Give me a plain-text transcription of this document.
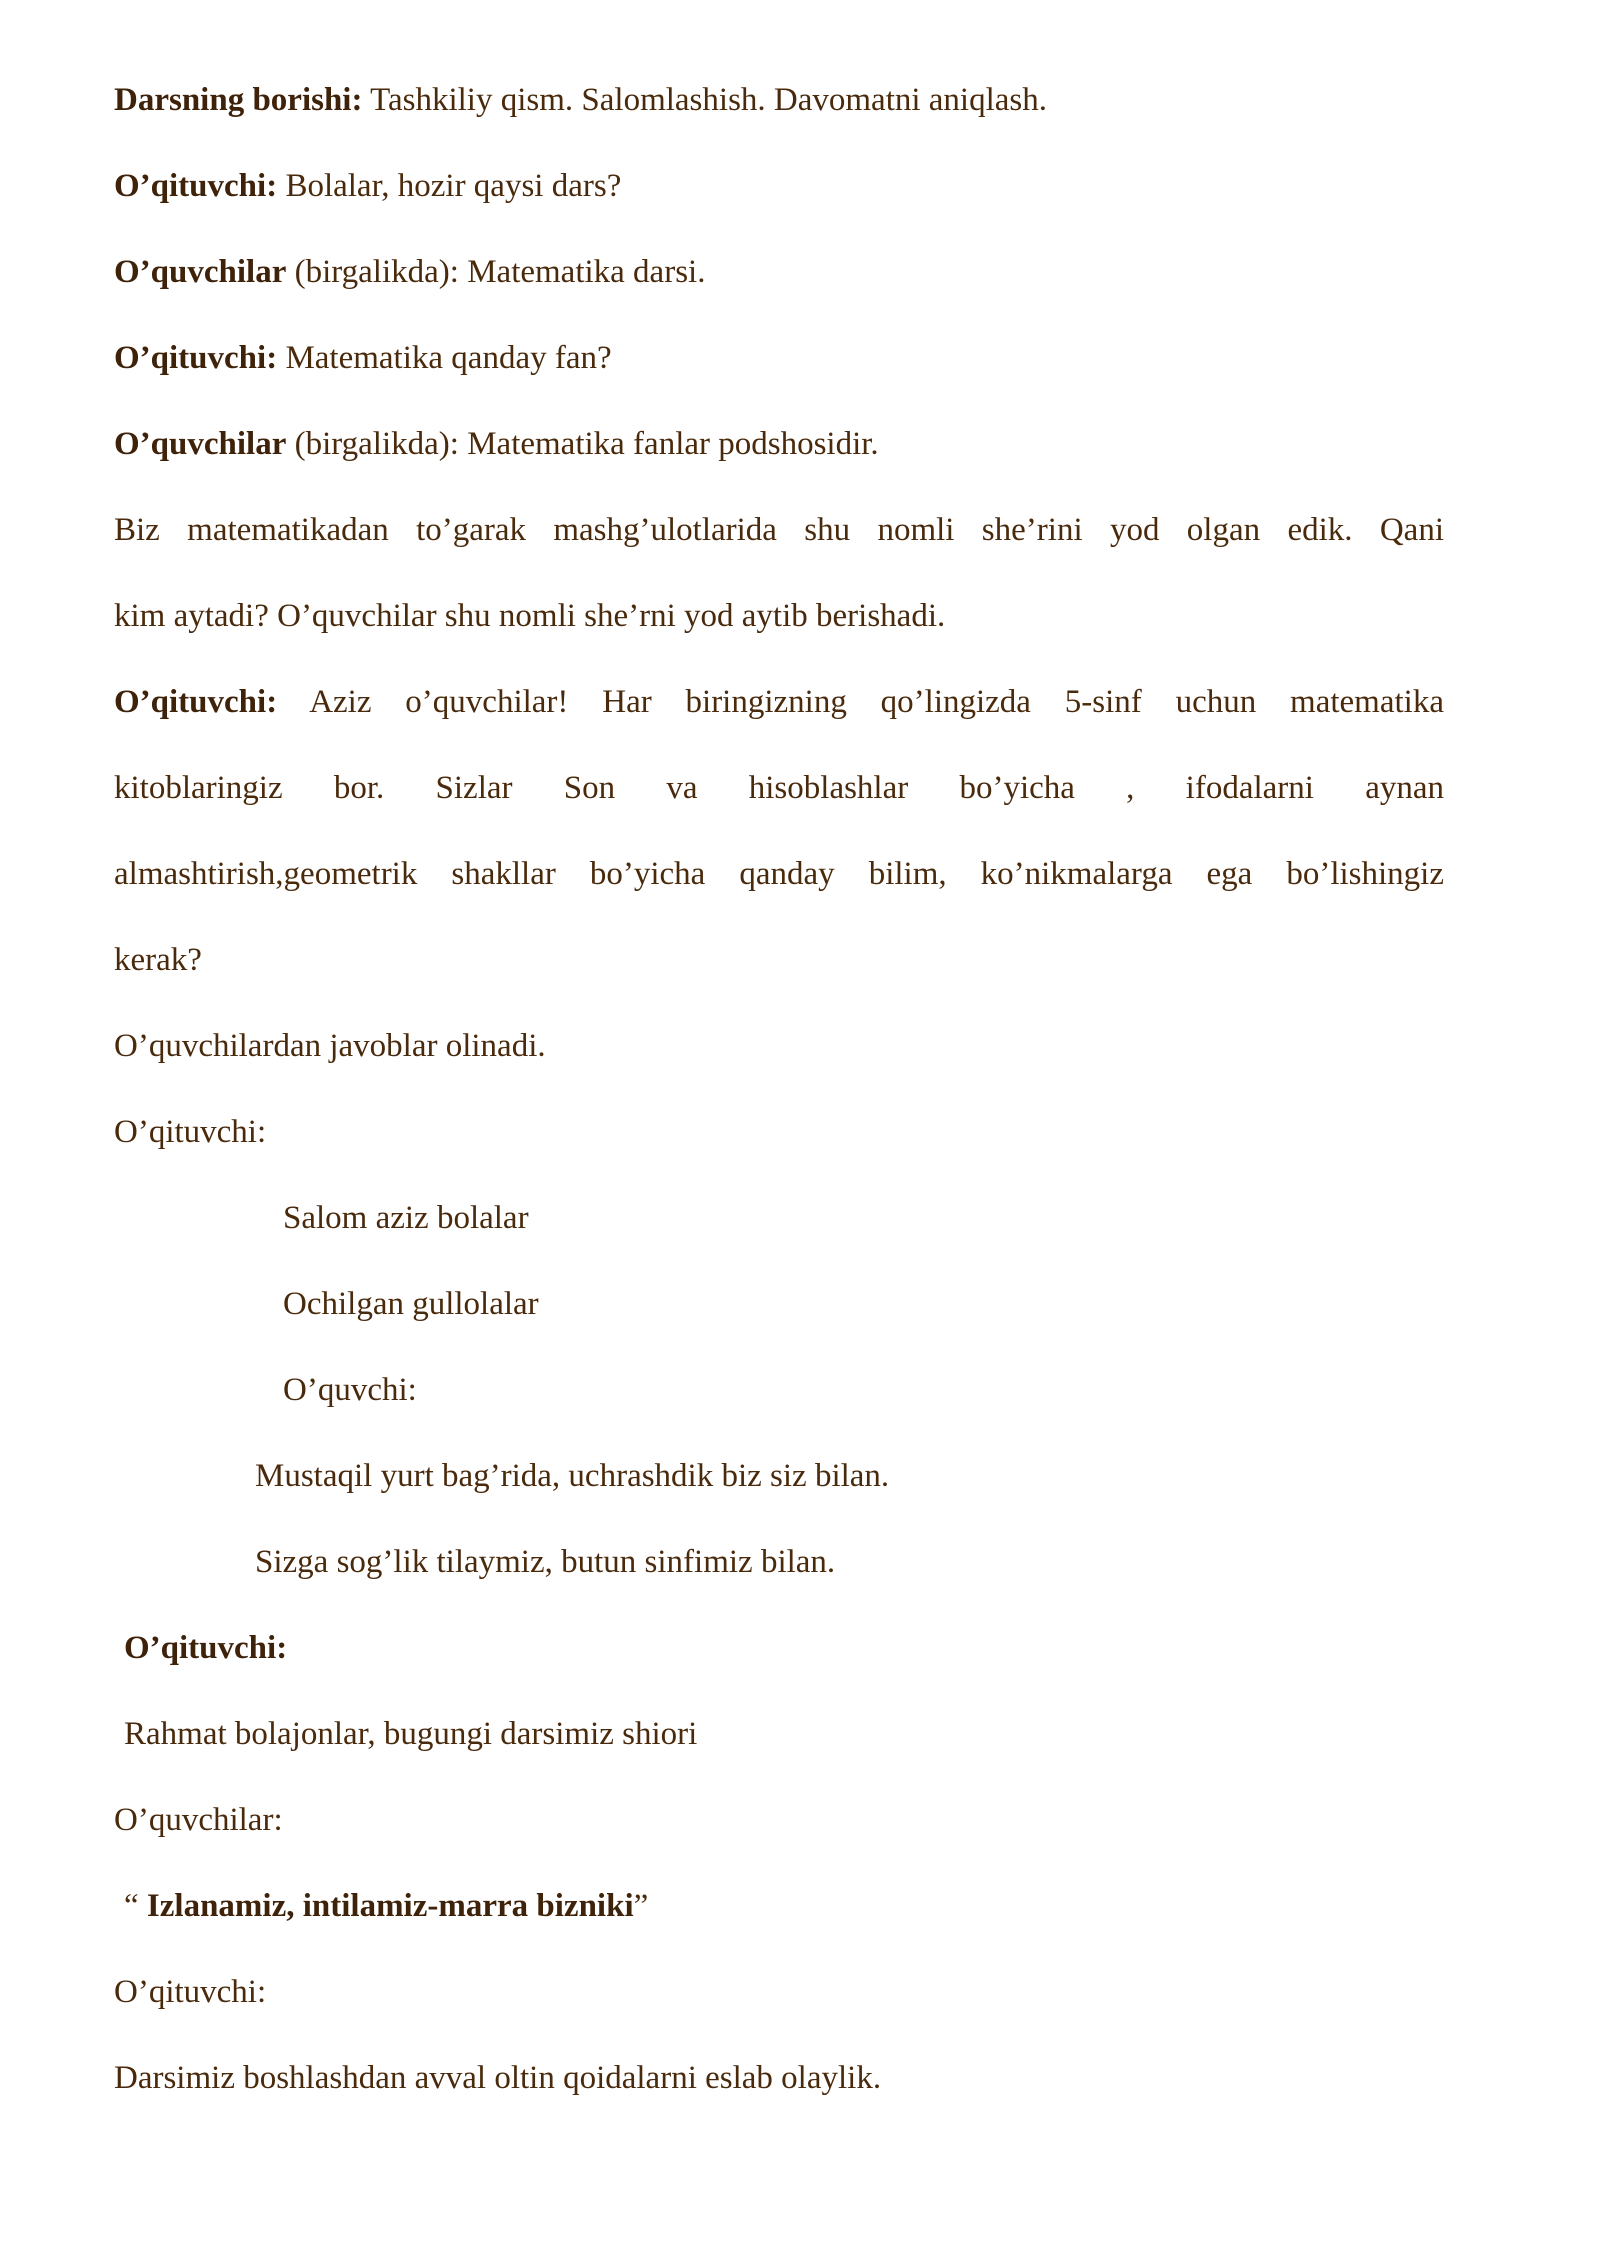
Darsning borishi: Tashkiliy qism. Salomlashish. Davomatni aniqlash.
O’qituvchi: Bolalar, hozir qaysi dars?
O’quvchilar (birgalikda): Matematika darsi.
O’qituvchi: Matematika qanday fan?
O’quvchilar (birgalikda): Matematika fanlar podshosidir.
Biz matematikadan to’garak mashg’ulotlarida shu nomli she’rini yod olgan edik. Qani
kim aytadi? O’quvchilar shu nomli she’rni yod aytib berishadi.
O’qituvchi: Aziz o’quvchilar! Har biringizning qo’lingizda 5-sinf uchun matematika
kitoblaringiz bor. Sizlar Son va hisoblashlar bo’yicha , ifodalarni aynan
almashtirish,geometrik shakllar bo’yicha qanday bilim, ko’nikmalarga ega bo’lishingiz
kerak?
O’quvchilardan javoblar olinadi.
O’qituvchi:
Salom aziz bolalar
Ochilgan gullolalar
O’quvchi:
Mustaqil yurt bag’rida, uchrashdik biz siz bilan.
Sizga sog’lik tilaymiz, butun sinfimiz bilan.
O’qituvchi:
Rahmat bolajonlar, bugungi darsimiz shiori
O’quvchilar:
“ Izlanamiz, intilamiz-marra bizniki”
O’qituvchi:
Darsimiz boshlashdan avval oltin qoidalarni eslab olaylik.
